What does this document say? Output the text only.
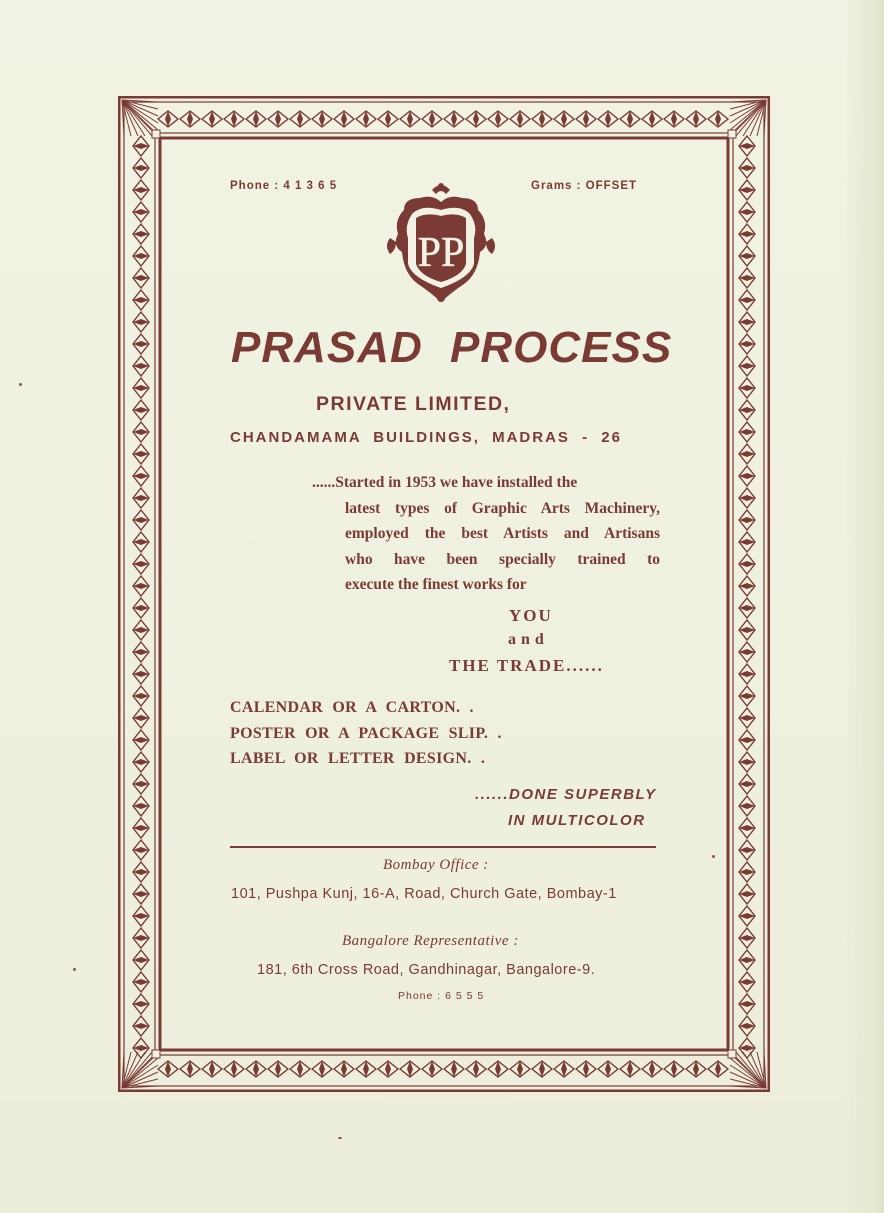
Phone : 4 1 3 6 5	Grams : OFFSET
PP
PRASAD PROCESS
PRIVATE LIMITED,
CHANDAMAMA BUILDINGS, MADRAS - 26
......Started in 1953 we have installed the
latest types of Graphic Arts Machinery,
employed the best Artists and Artisans
who have been specially trained to
execute the finest works for
YOU
and
THE TRADE......
CALENDAR OR A CARTON. .
POSTER OR A PACKAGE SLIP. .
LABEL OR LETTER DESIGN. .
......DONE SUPERBLY
IN MULTICOLOR
Bombay Office :
101, Pushpa Kunj, 16-A, Road, Church Gate, Bombay-1
Bangalore Representative :
181, 6th Cross Road, Gandhinagar, Bangalore-9.
Phone : 6 5 5 5
